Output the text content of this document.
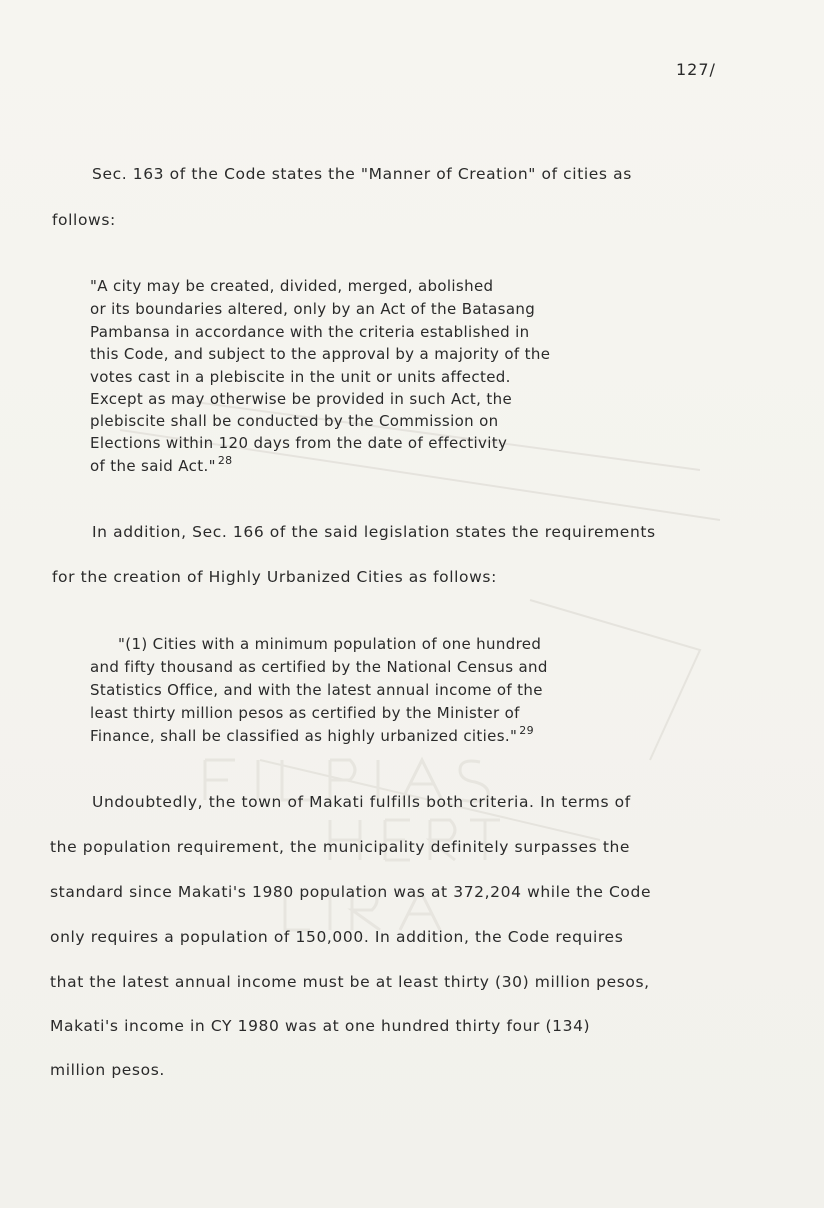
127/
Sec. 163 of the Code states the "Manner of Creation" of cities as
follows:
"A city may be created, divided, merged, abolished
or its boundaries altered, only by an Act of the Batasang
Pambansa in accordance with the criteria established in
this Code, and subject to the approval by a majority of the
votes cast in a plebiscite in the unit or units affected.
Except as may otherwise be provided in such Act, the
plebiscite shall be conducted by the Commission on
Elections within 120 days from the date of effectivity
of the said Act." $^{28}$
In addition, Sec. 166 of the said legislation states the requirements
for the creation of Highly Urbanized Cities as follows:
"(1) Cities with a minimum population of one hundred
and fifty thousand as certified by the National Census and
Statistics Office, and with the latest annual income of the
least thirty million pesos as certified by the Minister of
Finance, shall be classified as highly urbanized cities." $^{29}$
Undoubtedly, the town of Makati fulfills both criteria. In terms of
the population requirement, the municipality definitely surpasses the
standard since Makati's 1980 population was at 372,204 while the Code
only requires a population of 150,000. In addition, the Code requires
that the latest annual income must be at least thirty (30) million pesos,
Makati's income in CY 1980 was at one hundred thirty four (134)
million pesos.
